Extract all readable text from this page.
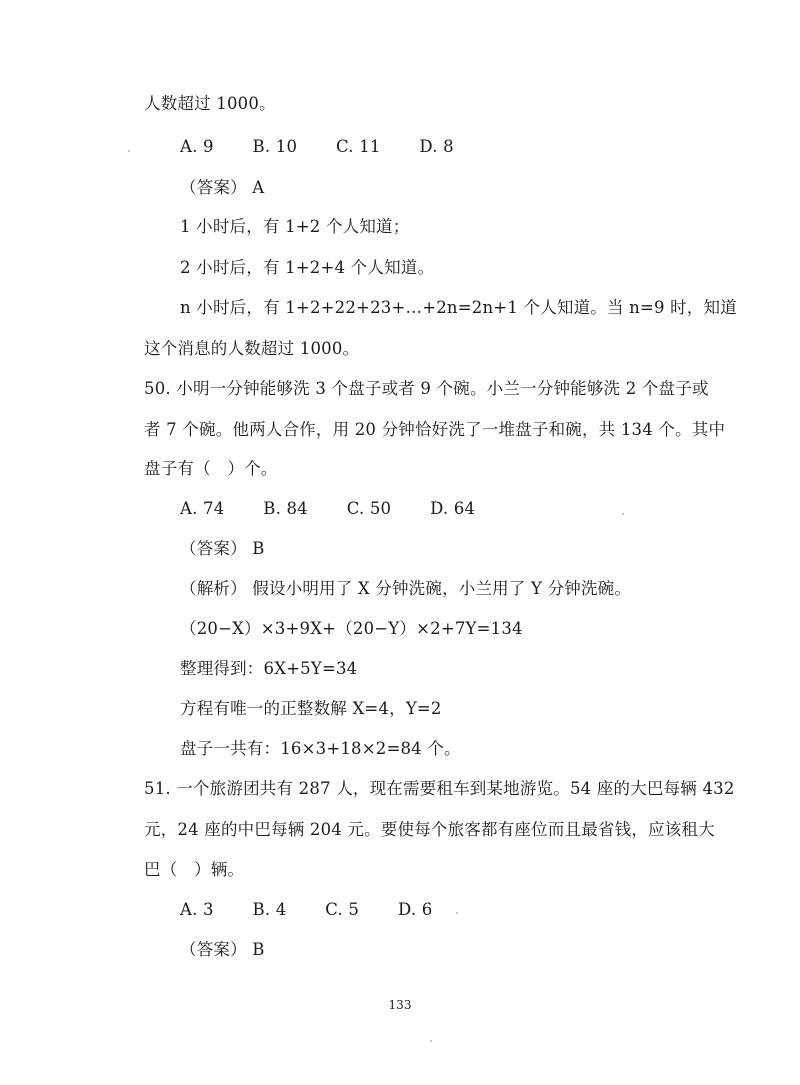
人数超过 1000。
A. 9　　 B. 10　　 C. 11　　 D. 8
（答案） A
1 小时后，有 1+2 个人知道；
2 小时后，有 1+2+4 个人知道。
n 小时后，有 1+2+22+23+…+2n=2n+1 个人知道。当 n=9 时，知道
这个消息的人数超过 1000。
50. 小明一分钟能够洗 3 个盘子或者 9 个碗。小兰一分钟能够洗 2 个盘子或
者 7 个碗。他两人合作，用 20 分钟恰好洗了一堆盘子和碗，共 134 个。其中
盘子有（　）个。
A. 74　　 B. 84　　 C. 50　　 D. 64
（答案） B
（解析） 假设小明用了 X 分钟洗碗，小兰用了 Y 分钟洗碗。
（20−X）×3+9X+（20−Y）×2+7Y=134
整理得到：6X+5Y=34
方程有唯一的正整数解 X=4，Y=2
盘子一共有：16×3+18×2=84 个。
51. 一个旅游团共有 287 人，现在需要租车到某地游览。54 座的大巴每辆 432
元，24 座的中巴每辆 204 元。要使每个旅客都有座位而且最省钱，应该租大
巴（　）辆。
A. 3　　 B. 4　　 C. 5　　 D. 6
（答案） B
133
